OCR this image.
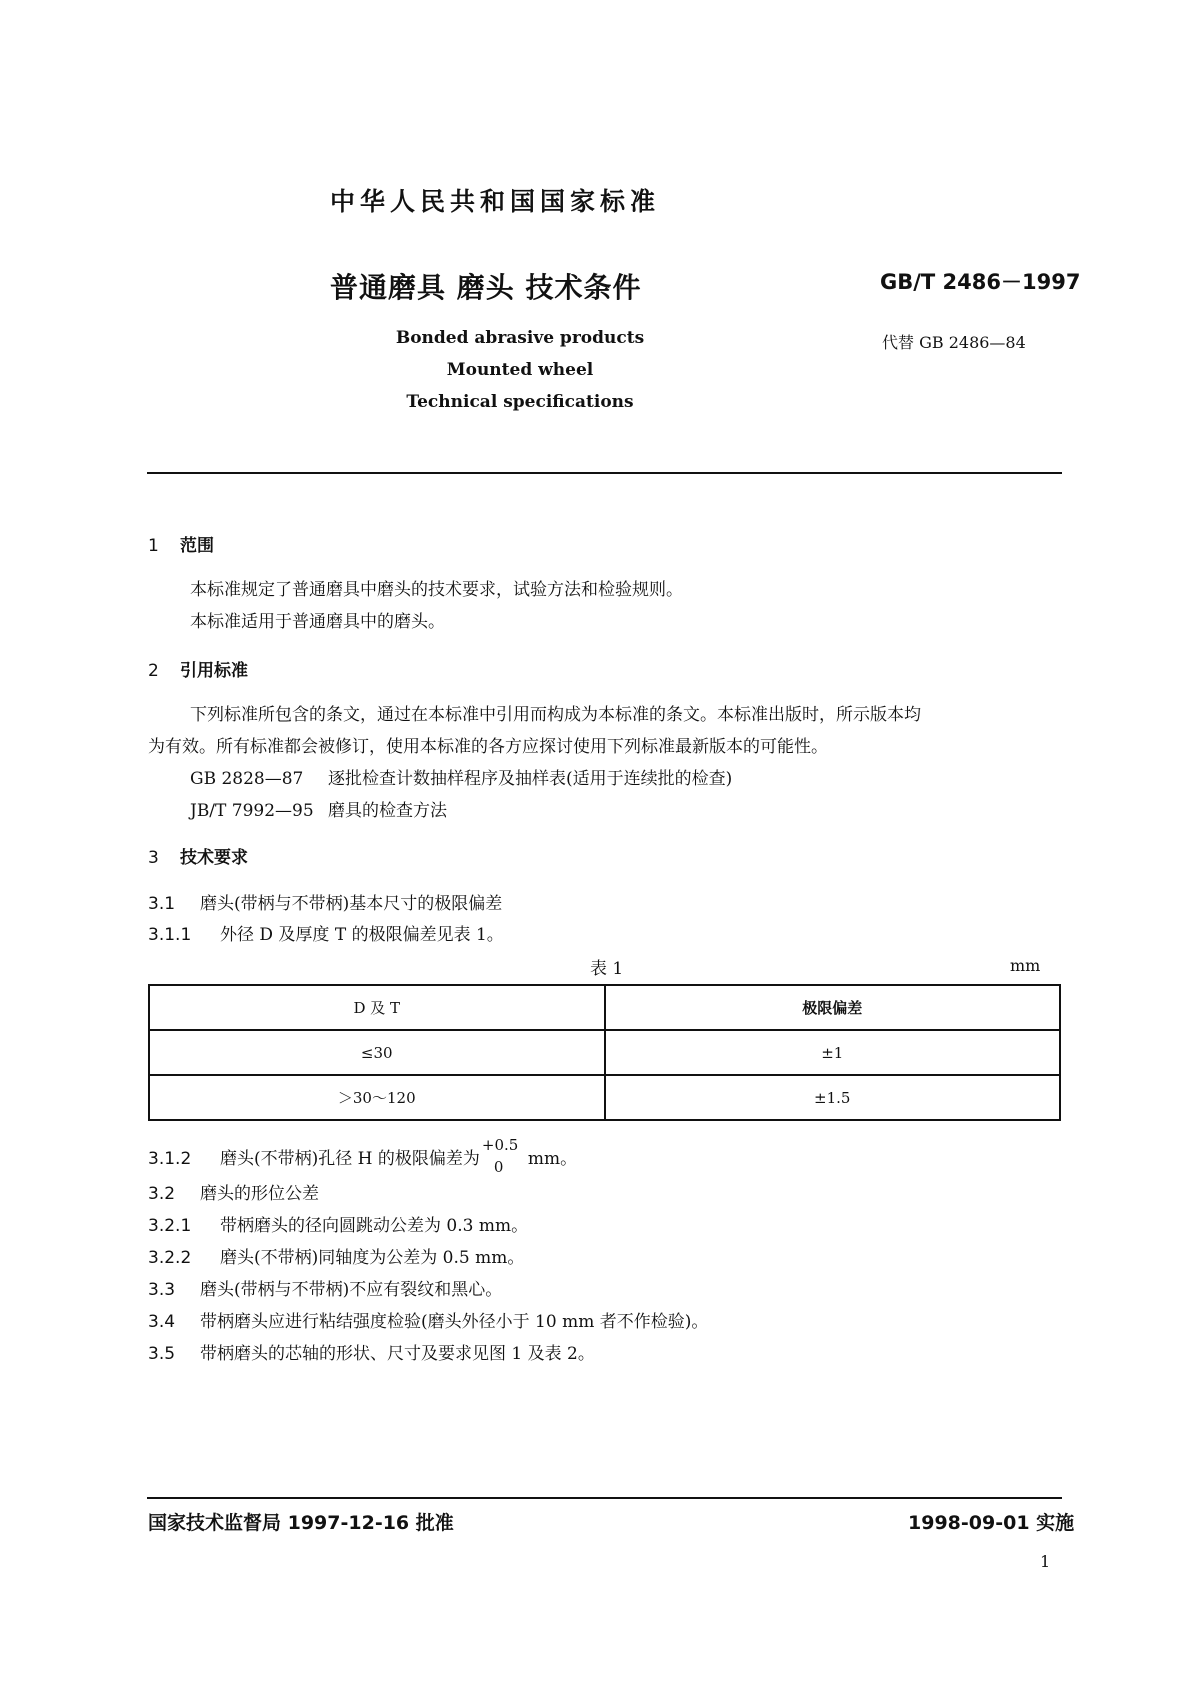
中华人民共和国国家标准
普通磨具 磨头 技术条件	GB/T 2486－1997
代替 GB 2486—84
Bonded abrasive products
Mounted wheel
Technical specifications
1 范围
本标准规定了普通磨具中磨头的技术要求，试验方法和检验规则。
本标准适用于普通磨具中的磨头。
2 引用标准
下列标准所包含的条文，通过在本标准中引用而构成为本标准的条文。本标准出版时，所示版本均
为有效。所有标准都会被修订，使用本标准的各方应探讨使用下列标准最新版本的可能性。
GB 2828—87 逐批检查计数抽样程序及抽样表(适用于连续批的检查)
JB/T 7992—95 磨具的检查方法
3 技术要求
3.1 磨头(带柄与不带柄)基本尺寸的极限偏差
3.1.1 外径 D 及厚度 T 的极限偏差见表 1。
表 1	mm
D 及 T	极限偏差
≤30	±1
＞30～120	±1.5
3.1.2 磨头(不带柄)孔径 H 的极限偏差为
+0.5
0 mm。
3.2 磨头的形位公差
3.2.1 带柄磨头的径向圆跳动公差为 0.3 mm。
3.2.2 磨头(不带柄)同轴度为公差为 0.5 mm。
3.3 磨头(带柄与不带柄)不应有裂纹和黑心。
3.4 带柄磨头应进行粘结强度检验(磨头外径小于 10 mm 者不作检验)。
3.5 带柄磨头的芯轴的形状、尺寸及要求见图 1 及表 2。
国家技术监督局 1997-12-16 批准	1998-09-01 实施
1
